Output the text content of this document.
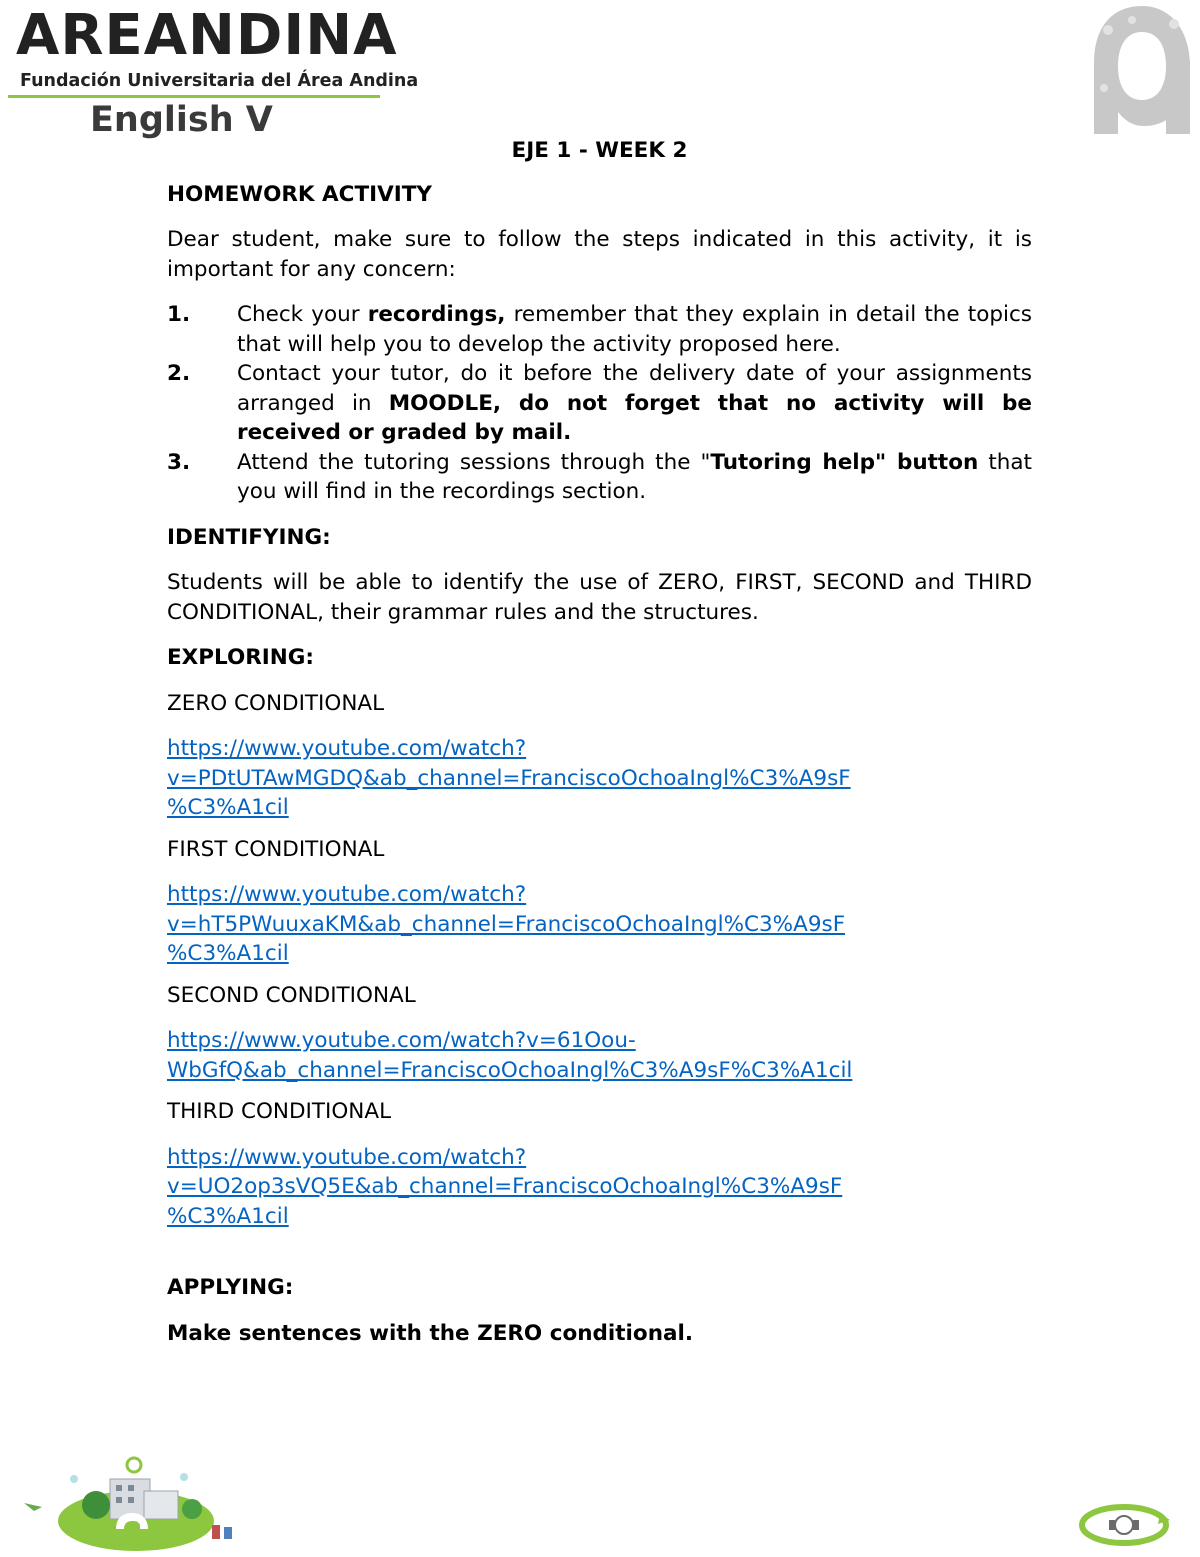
AREANDINA
Fundación Universitaria del Área Andina
English V
EJE 1 - WEEK 2
HOMEWORK ACTIVITY

Dear student, make sure to follow the steps indicated in this activity, it is important for any concern:

1.	Check your recordings, remember that they explain in detail the topics that will help you to develop the activity proposed here.
2.	Contact your tutor, do it before the delivery date of your assignments arranged in MOODLE, do not forget that no activity will be received or graded by mail.
3.	Attend the tutoring sessions through the "Tutoring help" button that you will find in the recordings section.
IDENTIFYING:

Students will be able to identify the use of ZERO, FIRST, SECOND and THIRD CONDITIONAL, their grammar rules and the structures.

EXPLORING:
ZERO CONDITIONAL
https://www.youtube.com/watch?
v=PDtUTAwMGDQ&ab_channel=FranciscoOchoaIngl%C3%A9sF
%C3%A1cil
FIRST CONDITIONAL
https://www.youtube.com/watch?
v=hT5PWuuxaKM&ab_channel=FranciscoOchoaIngl%C3%A9sF
%C3%A1cil
SECOND CONDITIONAL
https://www.youtube.com/watch?v=61Oou-
WbGfQ&ab_channel=FranciscoOchoaIngl%C3%A9sF%C3%A1cil
THIRD CONDITIONAL
https://www.youtube.com/watch?
v=UO2op3sVQ5E&ab_channel=FranciscoOchoaIngl%C3%A9sF
%C3%A1cil
APPLYING:
Make sentences with the ZERO conditional.
